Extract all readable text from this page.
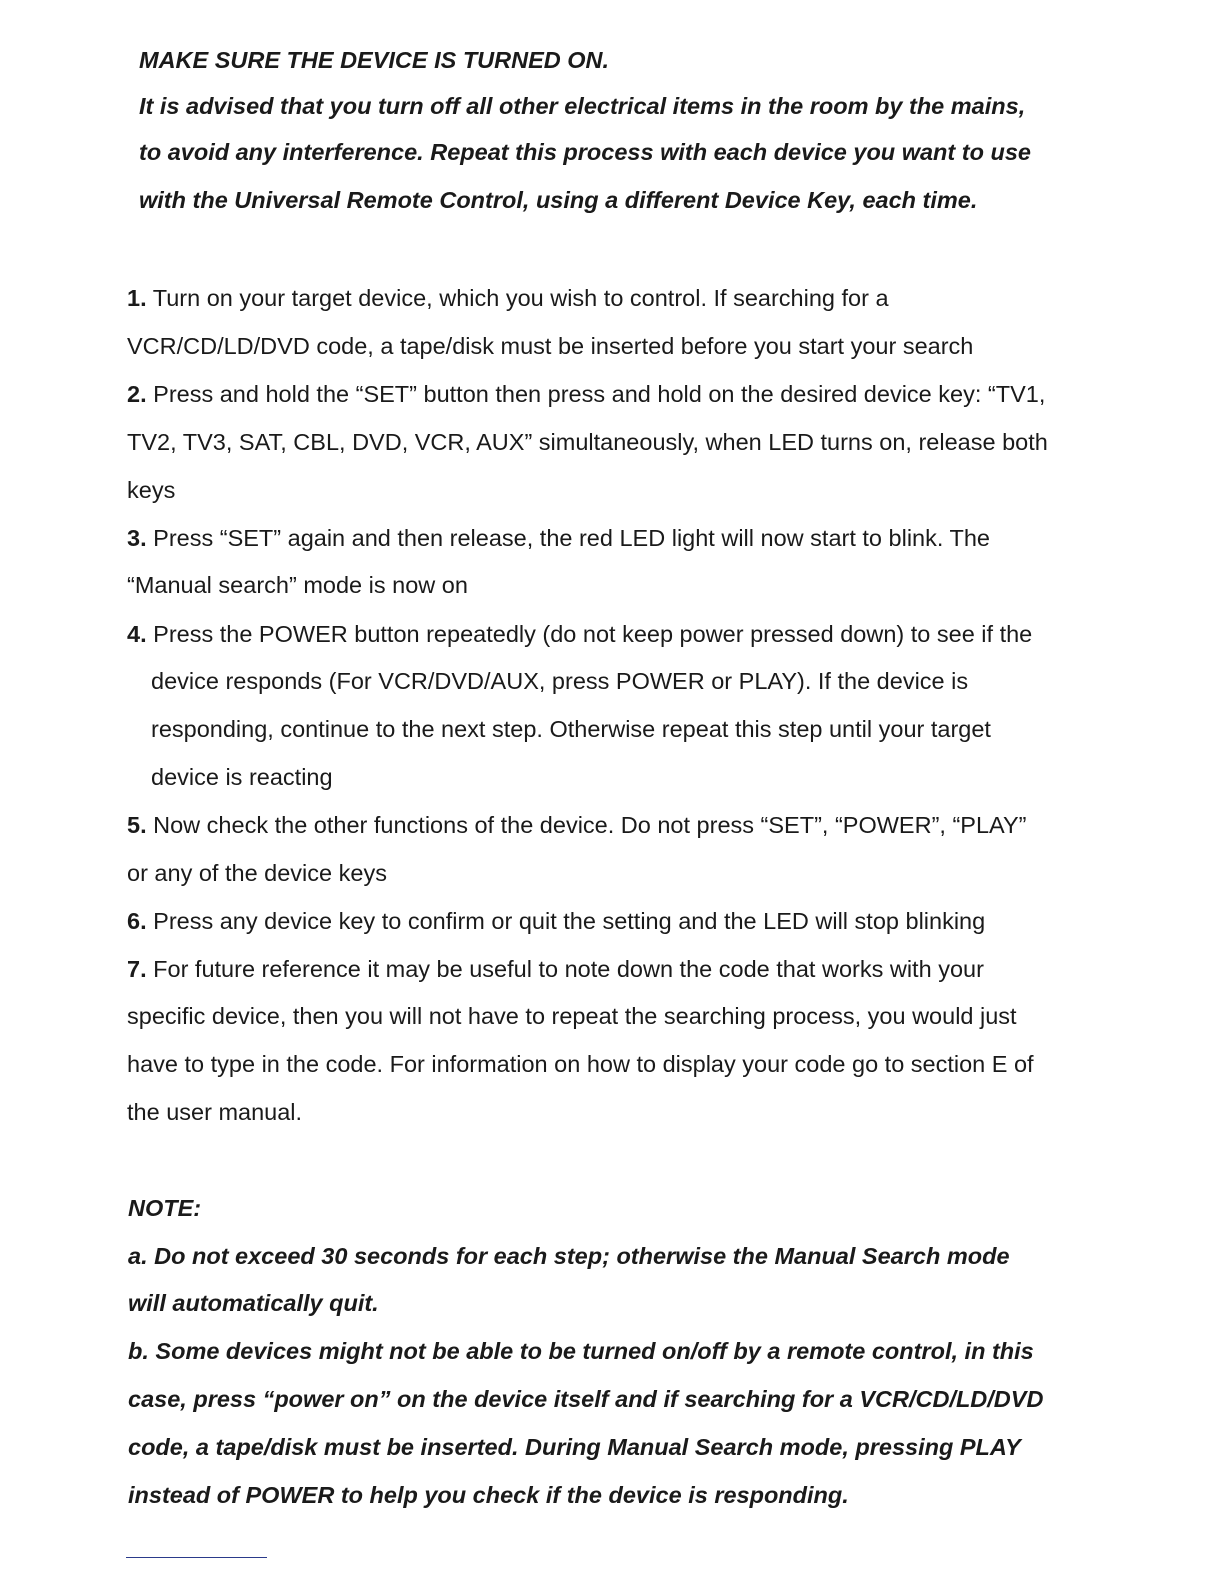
MAKE SURE THE DEVICE IS TURNED ON.
It is advised that you turn off all other electrical items in the room by the mains,
to avoid any interference. Repeat this process with each device you want to use
with the Universal Remote Control, using a different Device Key, each time.
1. Turn on your target device, which you wish to control. If searching for a
VCR/CD/LD/DVD code, a tape/disk must be inserted before you start your search
2. Press and hold the “SET” button then press and hold on the desired device key: “TV1,
TV2, TV3, SAT, CBL, DVD, VCR, AUX” simultaneously, when LED turns on, release both
keys
3. Press “SET” again and then release, the red LED light will now start to blink. The
“Manual search” mode is now on
4. Press the POWER button repeatedly (do not keep power pressed down) to see if the
device responds (For VCR/DVD/AUX, press POWER or PLAY). If the device is
responding, continue to the next step. Otherwise repeat this step until your target
device is reacting
5. Now check the other functions of the device. Do not press “SET”, “POWER”, “PLAY”
or any of the device keys
6. Press any device key to confirm or quit the setting and the LED will stop blinking
7. For future reference it may be useful to note down the code that works with your
specific device, then you will not have to repeat the searching process, you would just
have to type in the code. For information on how to display your code go to section E of
the user manual.
NOTE:
a. Do not exceed 30 seconds for each step; otherwise the Manual Search mode
will automatically quit.
b. Some devices might not be able to be turned on/off by a remote control, in this
case, press “power on” on the device itself and if searching for a VCR/CD/LD/DVD
code, a tape/disk must be inserted. During Manual Search mode, pressing PLAY
instead of POWER to help you check if the device is responding.
